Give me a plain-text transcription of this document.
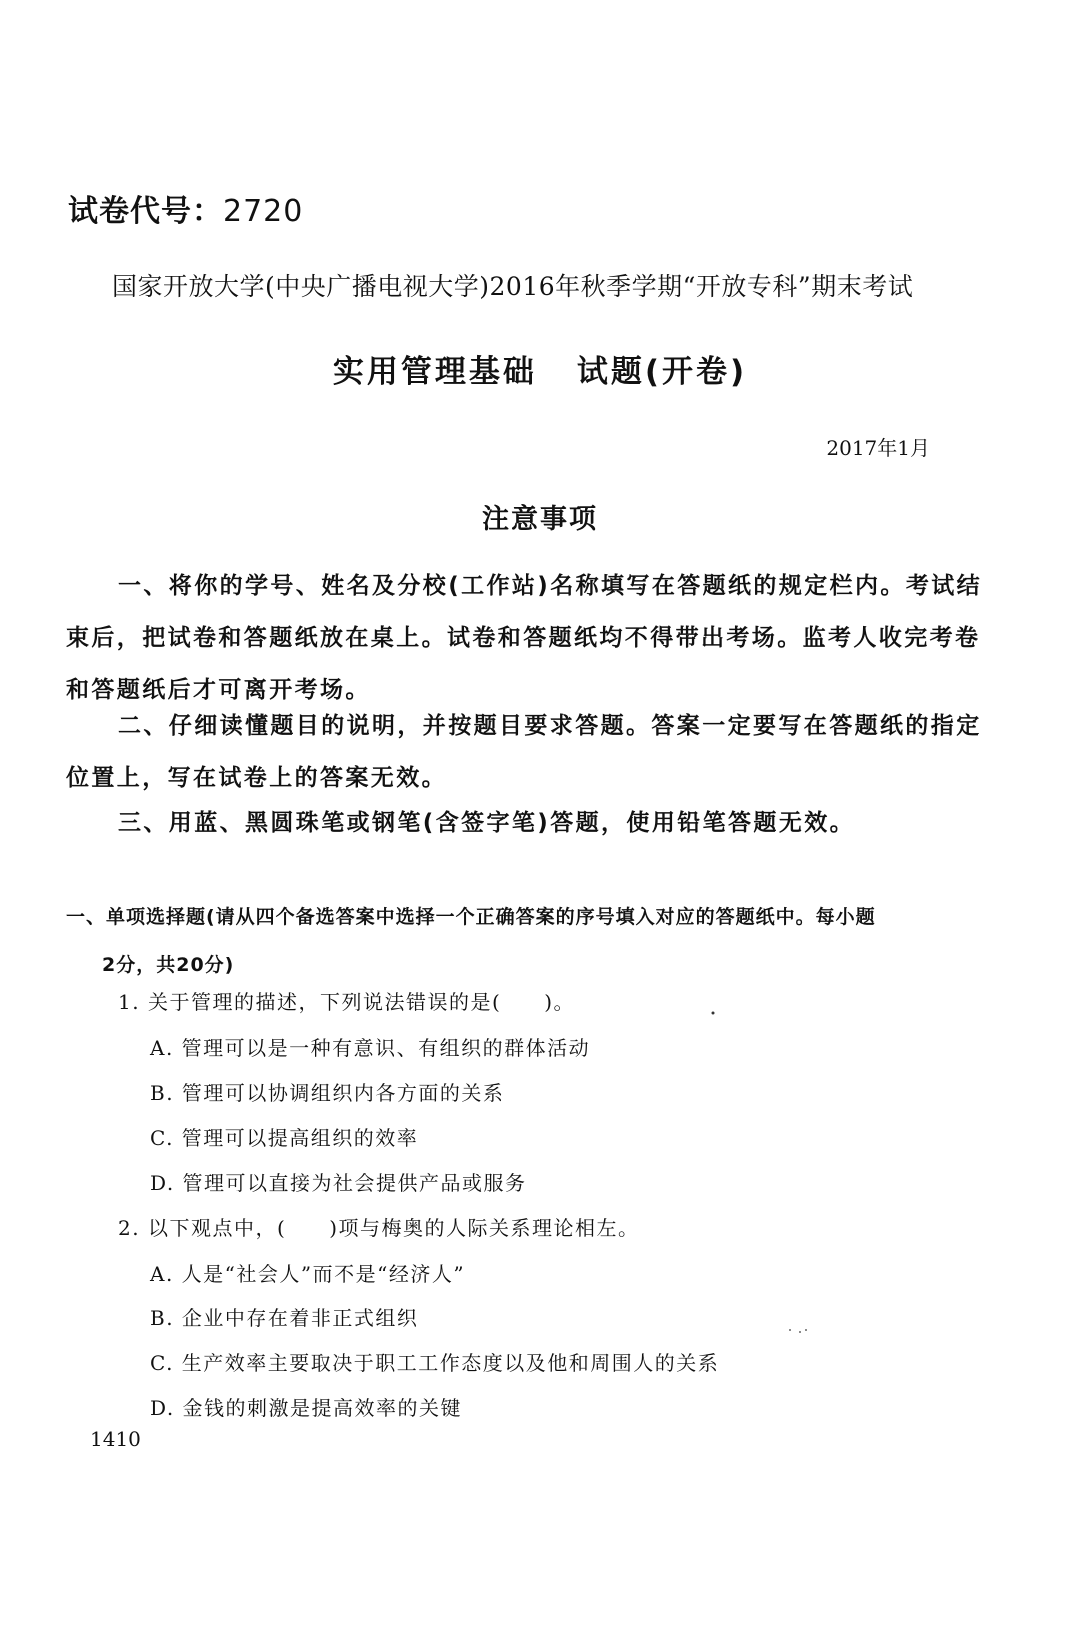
试卷代号：2720
国家开放大学(中央广播电视大学)2016年秋季学期“开放专科”期末考试
实用管理基础 试题(开卷)
2017年1月
注意事项
一、将你的学号、姓名及分校(工作站)名称填写在答题纸的规定栏内。考试结束后，把试卷和答题纸放在桌上。试卷和答题纸均不得带出考场。监考人收完考卷和答题纸后才可离开考场。
二、仔细读懂题目的说明，并按题目要求答题。答案一定要写在答题纸的指定位置上，写在试卷上的答案无效。
三、用蓝、黑圆珠笔或钢笔(含签字笔)答题，使用铅笔答题无效。
一、单项选择题(请从四个备选答案中选择一个正确答案的序号填入对应的答题纸中。每小题
2分，共20分)
1. 关于管理的描述，下列说法错误的是(　　)。
A. 管理可以是一种有意识、有组织的群体活动
B. 管理可以协调组织内各方面的关系
C. 管理可以提高组织的效率
D. 管理可以直接为社会提供产品或服务
2. 以下观点中，(　　)项与梅奥的人际关系理论相左。
A. 人是“社会人”而不是“经济人”
B. 企业中存在着非正式组织
C. 生产效率主要取决于职工工作态度以及他和周围人的关系
D. 金钱的刺激是提高效率的关键
1410
